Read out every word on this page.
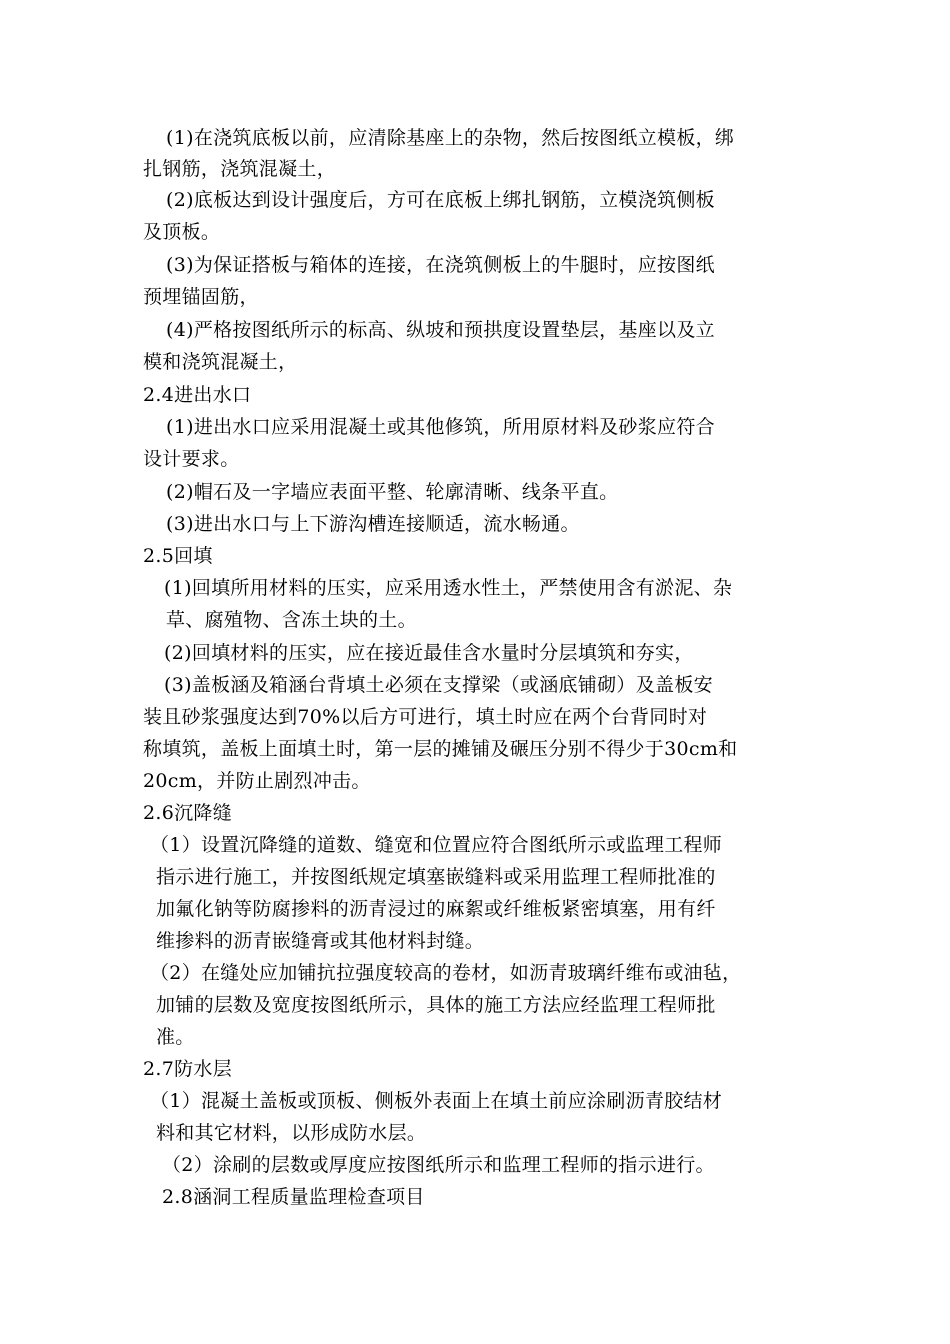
(1)在浇筑底板以前，应清除基座上的杂物，然后按图纸立模板，绑
扎钢筋，浇筑混凝土，
(2)底板达到设计强度后，方可在底板上绑扎钢筋，立模浇筑侧板
及顶板。
(3)为保证搭板与箱体的连接，在浇筑侧板上的牛腿时，应按图纸
预埋锚固筋，
(4)严格按图纸所示的标高、纵坡和预拱度设置垫层，基座以及立
模和浇筑混凝土，
2.4进出水口
(1)进出水口应采用混凝土或其他修筑，所用原材料及砂浆应符合
设计要求。
(2)帽石及一字墙应表面平整、轮廓清晰、线条平直。
(3)进出水口与上下游沟槽连接顺适，流水畅通。
2.5回填
(1)回填所用材料的压实，应采用透水性土，严禁使用含有淤泥、杂
草、腐殖物、含冻土块的土。
(2)回填材料的压实，应在接近最佳含水量时分层填筑和夯实，
(3)盖板涵及箱涵台背填土必须在支撑梁（或涵底铺砌）及盖板安
装且砂浆强度达到70%以后方可进行，填土时应在两个台背同时对
称填筑，盖板上面填土时，第一层的摊铺及碾压分别不得少于30cm和
20cm，并防止剧烈冲击。
2.6沉降缝
（1）设置沉降缝的道数、缝宽和位置应符合图纸所示或监理工程师
指示进行施工，并按图纸规定填塞嵌缝料或采用监理工程师批准的
加氟化钠等防腐掺料的沥青浸过的麻絮或纤维板紧密填塞，用有纤
维掺料的沥青嵌缝膏或其他材料封缝。
（2）在缝处应加铺抗拉强度较高的卷材，如沥青玻璃纤维布或油毡，
加铺的层数及宽度按图纸所示，具体的施工方法应经监理工程师批
准。
2.7防水层
（1）混凝土盖板或顶板、侧板外表面上在填土前应涂刷沥青胶结材
料和其它材料，以形成防水层。
（2）涂刷的层数或厚度应按图纸所示和监理工程师的指示进行。
2.8涵洞工程质量监理检查项目
